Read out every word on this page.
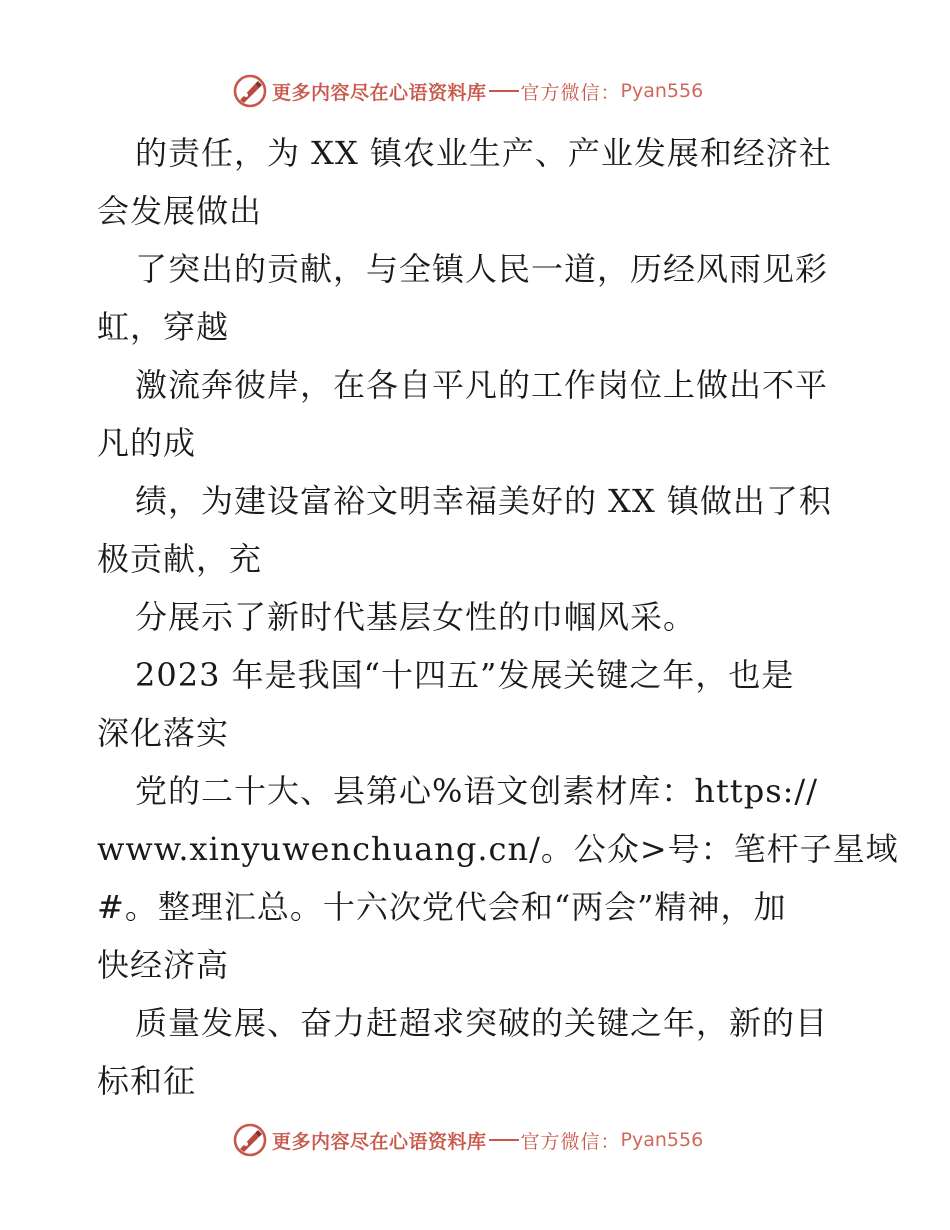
更多内容尽在心语资料库 官方微信： Pyan556
的责任，为 XX 镇农业生产、产业发展和经济社
会发展做出
了突出的贡献，与全镇人民一道，历经风雨见彩
虹，穿越
激流奔彼岸，在各自平凡的工作岗位上做出不平
凡的成
绩，为建设富裕文明幸福美好的 XX 镇做出了积
极贡献，充
分展示了新时代基层女性的巾帼风采。
2023 年是我国“十四五”发展关键之年，也是
深化落实
党的二十大、县第心%语文创素材库：https://
www.xinyuwenchuang.cn/。公众>号：笔杆子星域
#。整理汇总。十六次党代会和“两会”精神，加
快经济高
质量发展、奋力赶超求突破的关键之年，新的目
标和征
更多内容尽在心语资料库 官方微信： Pyan556
